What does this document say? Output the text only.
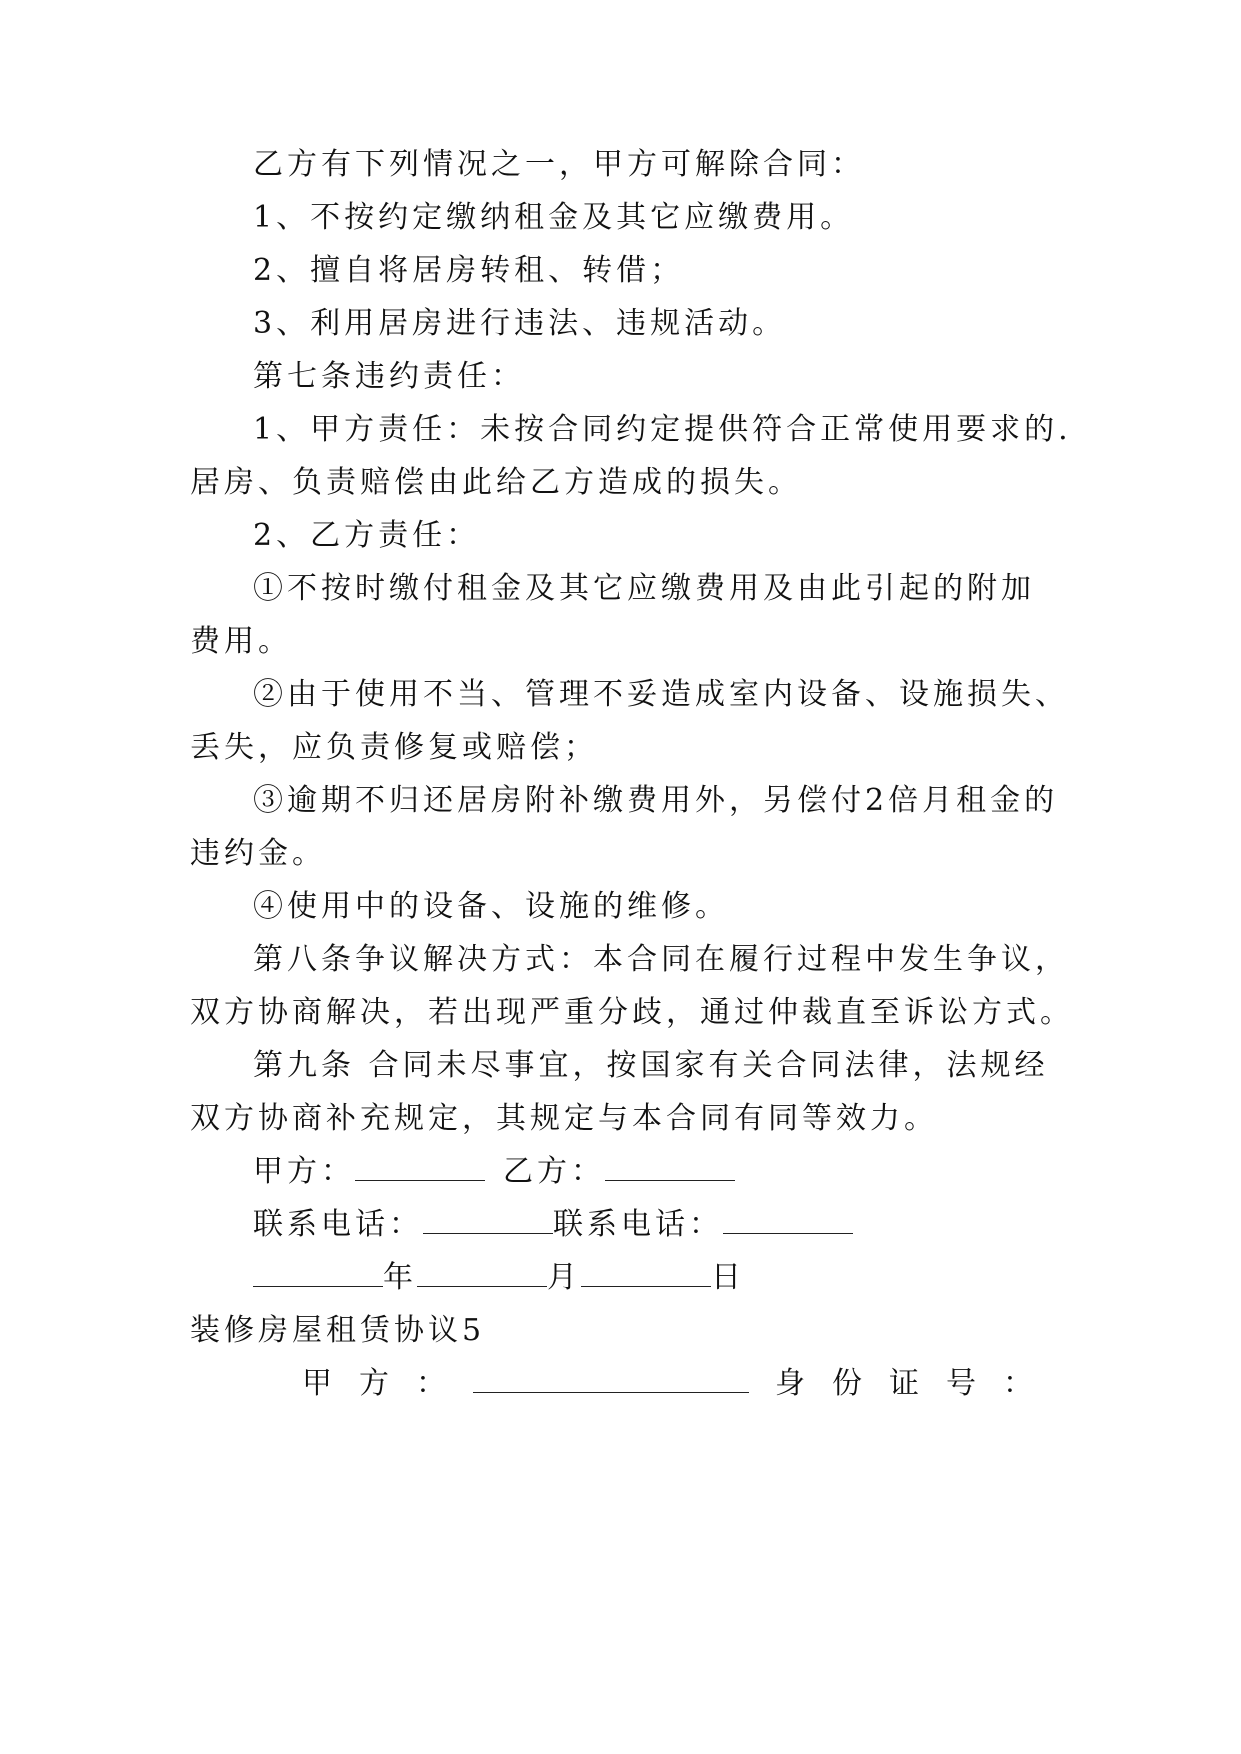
乙方有下列情况之一，甲方可解除合同：
1、不按约定缴纳租金及其它应缴费用。
2、擅自将居房转租、转借；
3、利用居房进行违法、违规活动。
第七条违约责任：
1、甲方责任：未按合同约定提供符合正常使用要求的.
居房、负责赔偿由此给乙方造成的损失。
2、乙方责任：
①不按时缴付租金及其它应缴费用及由此引起的附加
费用。
②由于使用不当、管理不妥造成室内设备、设施损失、
丢失，应负责修复或赔偿；
③逾期不归还居房附补缴费用外，另偿付2倍月租金的
违约金。
④使用中的设备、设施的维修。
第八条争议解决方式：本合同在履行过程中发生争议，
双方协商解决，若出现严重分歧，通过仲裁直至诉讼方式。
第九条 合同未尽事宜，按国家有关合同法律，法规经
双方协商补充规定，其规定与本合同有同等效力。
甲方：	乙方：
联系电话：	联系电话：
年	月	日
装修房屋租赁协议5
甲方：	身份证号：
